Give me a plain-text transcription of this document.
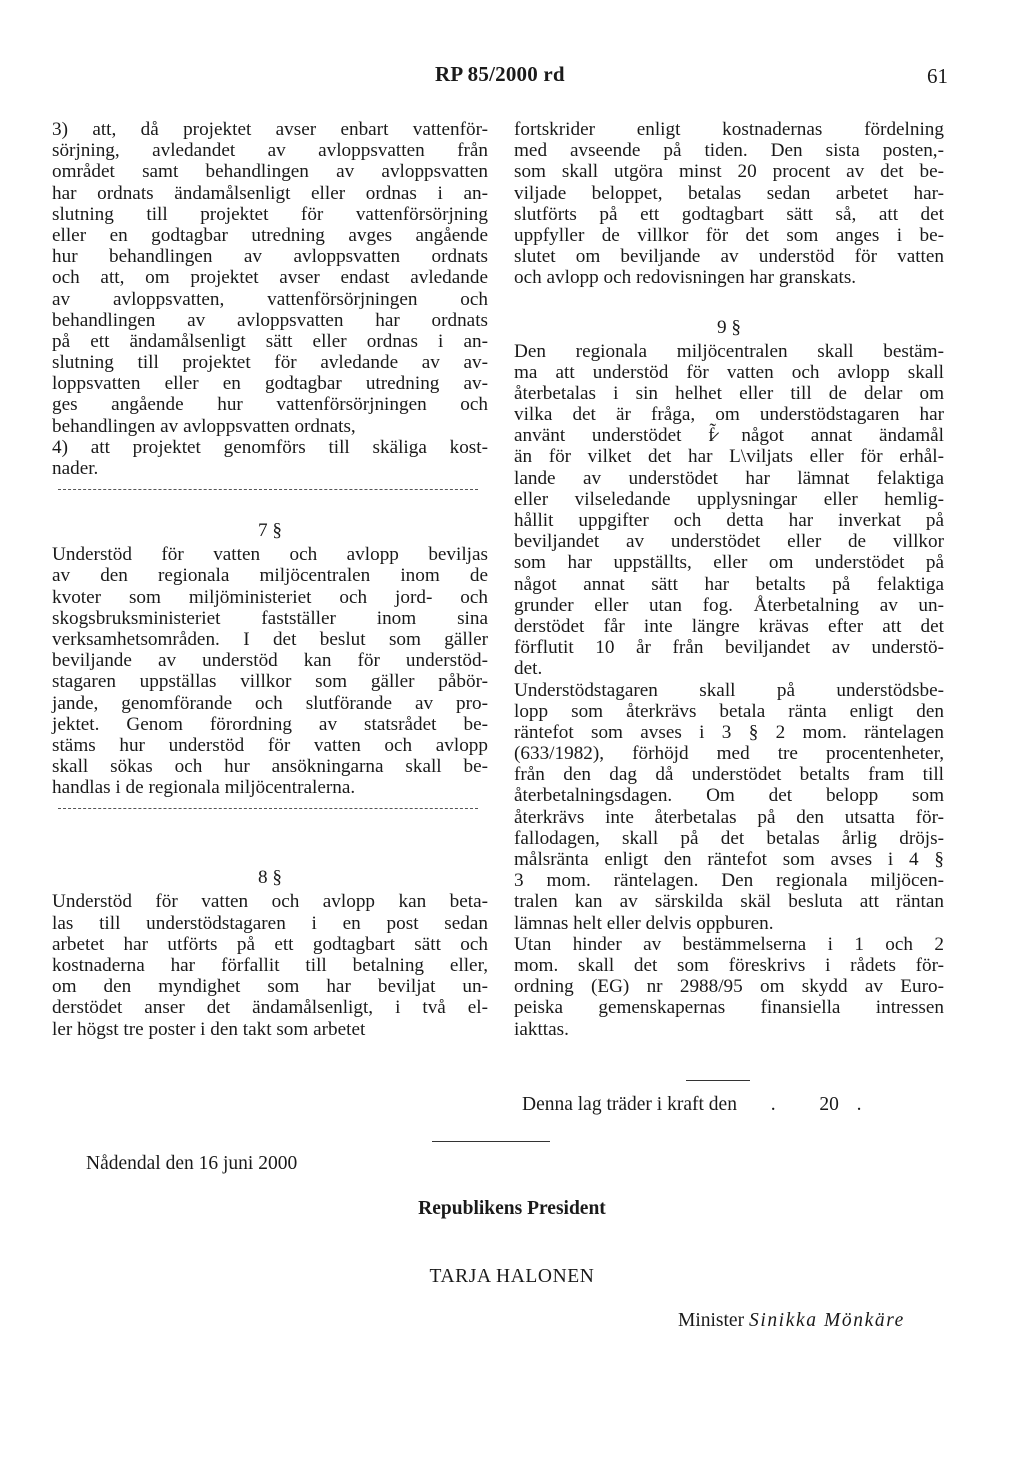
RP 85/2000 rd	61
3) att, då projektet avser enbart vattenför-
sörjning, avledandet av avloppsvatten från
området samt behandlingen av avloppsvatten
har ordnats ändamålsenligt eller ordnas i an-
slutning till projektet för vattenförsörjning
eller en godtagbar utredning avges angående
hur behandlingen av avloppsvatten ordnats
och att, om projektet avser endast avledande
av avloppsvatten, vattenförsörjningen och
behandlingen av avloppsvatten har ordnats
på ett ändamålsenligt sätt eller ordnas i an-
slutning till projektet för avledande av av-
loppsvatten eller en godtagbar utredning av-
ges angående hur vattenförsörjningen och
behandlingen av avloppsvatten ordnats,
4) att projektet genomförs till skäliga kost-
nader.
7 §
Understöd för vatten och avlopp beviljas
av den regionala miljöcentralen inom de
kvoter som miljöministeriet och jord- och
skogsbruksministeriet fastställer inom sina
verksamhetsområden. I det beslut som gäller
beviljande av understöd kan för understöd-
stagaren uppställas villkor som gäller påbör-
jande, genomförande och slutförande av pro-
jektet. Genom förordning av statsrådet be-
stäms hur understöd för vatten och avlopp
skall sökas och hur ansökningarna skall be-
handlas i de regionala miljöcentralerna.
8 §
Understöd för vatten och avlopp kan beta-
las till understödstagaren i en post sedan
arbetet har utförts på ett godtagbart sätt och
kostnaderna har förfallit till betalning eller,
om den myndighet som har beviljat un-
derstödet anser det ändamålsenligt, i två el-
ler högst tre poster i den takt som arbetet
fortskrider enligt kostnadernas fördelning
med avseende på tiden. Den sista posten,-
som skall utgöra minst 20 procent av det be-
viljade beloppet, betalas sedan arbetet har-
slutförts på ett godtagbart sätt så, att det
uppfyller de villkor för det som anges i be-
slutet om beviljande av understöd för vatten
och avlopp och redovisningen har granskats.
9 §
Den regionala miljöcentralen skall bestäm-
ma att understöd för vatten och avlopp skall
återbetalas i sin helhet eller till de delar om
vilka det är fråga, om understödstagaren har
använt understödet f̷̃ något annat ändamål
än för vilket det har L\viljats eller för erhål-
lande av understödet har lämnat felaktiga
eller vilseledande upplysningar eller hemlig-
hållit uppgifter och detta har inverkat på
beviljandet av understödet eller de villkor
som har uppställts, eller om understödet på
något annat sätt har betalts på felaktiga
grunder eller utan fog. Återbetalning av un-
derstödet får inte längre krävas efter att det
förflutit 10 år från beviljandet av understö-
det.
Understödstagaren skall på understödsbe-
lopp som återkrävs betala ränta enligt den
räntefot som avses i 3 § 2 mom. räntelagen
(633/1982), förhöjd med tre procentenheter,
från den dag då understödet betalts fram till
återbetalningsdagen. Om det belopp som
återkrävs inte återbetalas på den utsatta för-
fallodagen, skall på det betalas årlig dröjs-
målsränta enligt den räntefot som avses i 4 §
3 mom. räntelagen. Den regionala miljöcen-
tralen kan av särskilda skäl besluta att räntan
lämnas helt eller delvis oppburen.
Utan hinder av bestämmelserna i 1 och 2
mom. skall det som föreskrivs i rådets för-
ordning (EG) nr 2988/95 om skydd av Euro-
peiska gemenskapernas finansiella intressen
iakttas.
Denna lag träder i kraft den . 20 .
Nådendal den 16 juni 2000
Republikens President
TARJA HALONEN
Minister Sinikka Mönkäre
